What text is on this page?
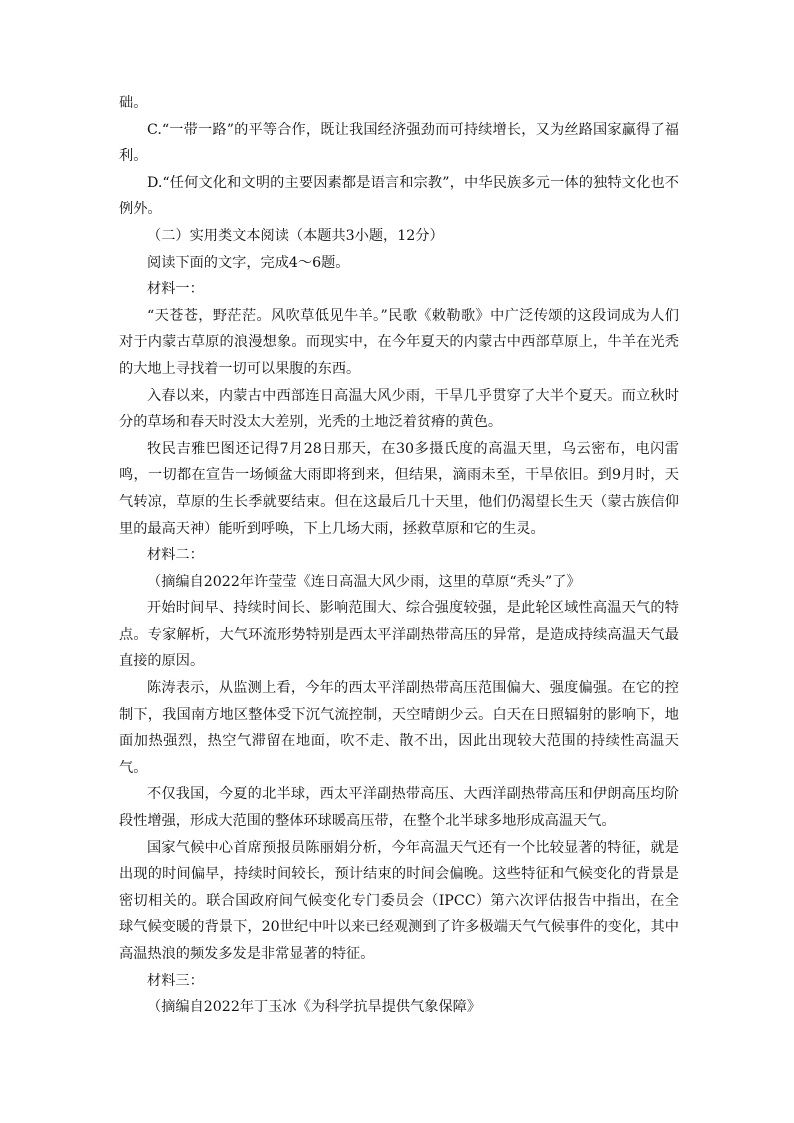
础。

C.“一带一路”的平等合作，既让我国经济强劲而可持续增长，又为丝路国家赢得了福利。

D.“任何文化和文明的主要因素都是语言和宗教”，中华民族多元一体的独特文化也不例外。

（二）实用类文本阅读（本题共3小题，12分）

阅读下面的文字，完成4～6题。

材料一：

“天苍苍，野茫茫。风吹草低见牛羊。”民歌《敕勒歌》中广泛传颂的这段词成为人们对于内蒙古草原的浪漫想象。而现实中，在今年夏天的内蒙古中西部草原上，牛羊在光秃的大地上寻找着一切可以果腹的东西。

入春以来，内蒙古中西部连日高温大风少雨，干旱几乎贯穿了大半个夏天。而立秋时分的草场和春天时没太大差别，光秃的土地泛着贫瘠的黄色。

牧民吉雅巴图还记得7月28日那天，在30多摄氏度的高温天里，乌云密布，电闪雷鸣，一切都在宣告一场倾盆大雨即将到来，但结果，滴雨未至，干旱依旧。到9月时，天气转凉，草原的生长季就要结束。但在这最后几十天里，他们仍渴望长生天（蒙古族信仰里的最高天神）能听到呼唤，下上几场大雨，拯救草原和它的生灵。

材料二：

（摘编自2022年许莹莹《连日高温大风少雨，这里的草原“秃头”了》

开始时间早、持续时间长、影响范围大、综合强度较强，是此轮区域性高温天气的特点。专家解析，大气环流形势特别是西太平洋副热带高压的异常，是造成持续高温天气最直接的原因。

陈涛表示，从监测上看，今年的西太平洋副热带高压范围偏大、强度偏强。在它的控制下，我国南方地区整体受下沉气流控制，天空晴朗少云。白天在日照辐射的影响下，地面加热强烈，热空气滞留在地面，吹不走、散不出，因此出现较大范围的持续性高温天气。

不仅我国，今夏的北半球，西太平洋副热带高压、大西洋副热带高压和伊朗高压均阶段性增强，形成大范围的整体环球暖高压带，在整个北半球多地形成高温天气。

国家气候中心首席预报员陈丽娟分析，今年高温天气还有一个比较显著的特征，就是出现的时间偏早，持续时间较长，预计结束的时间会偏晚。这些特征和气候变化的背景是密切相关的。联合国政府间气候变化专门委员会（IPCC）第六次评估报告中指出，在全球气候变暖的背景下，20世纪中叶以来已经观测到了许多极端天气气候事件的变化，其中高温热浪的频发多发是非常显著的特征。

材料三：

（摘编自2022年丁玉冰《为科学抗旱提供气象保障》
